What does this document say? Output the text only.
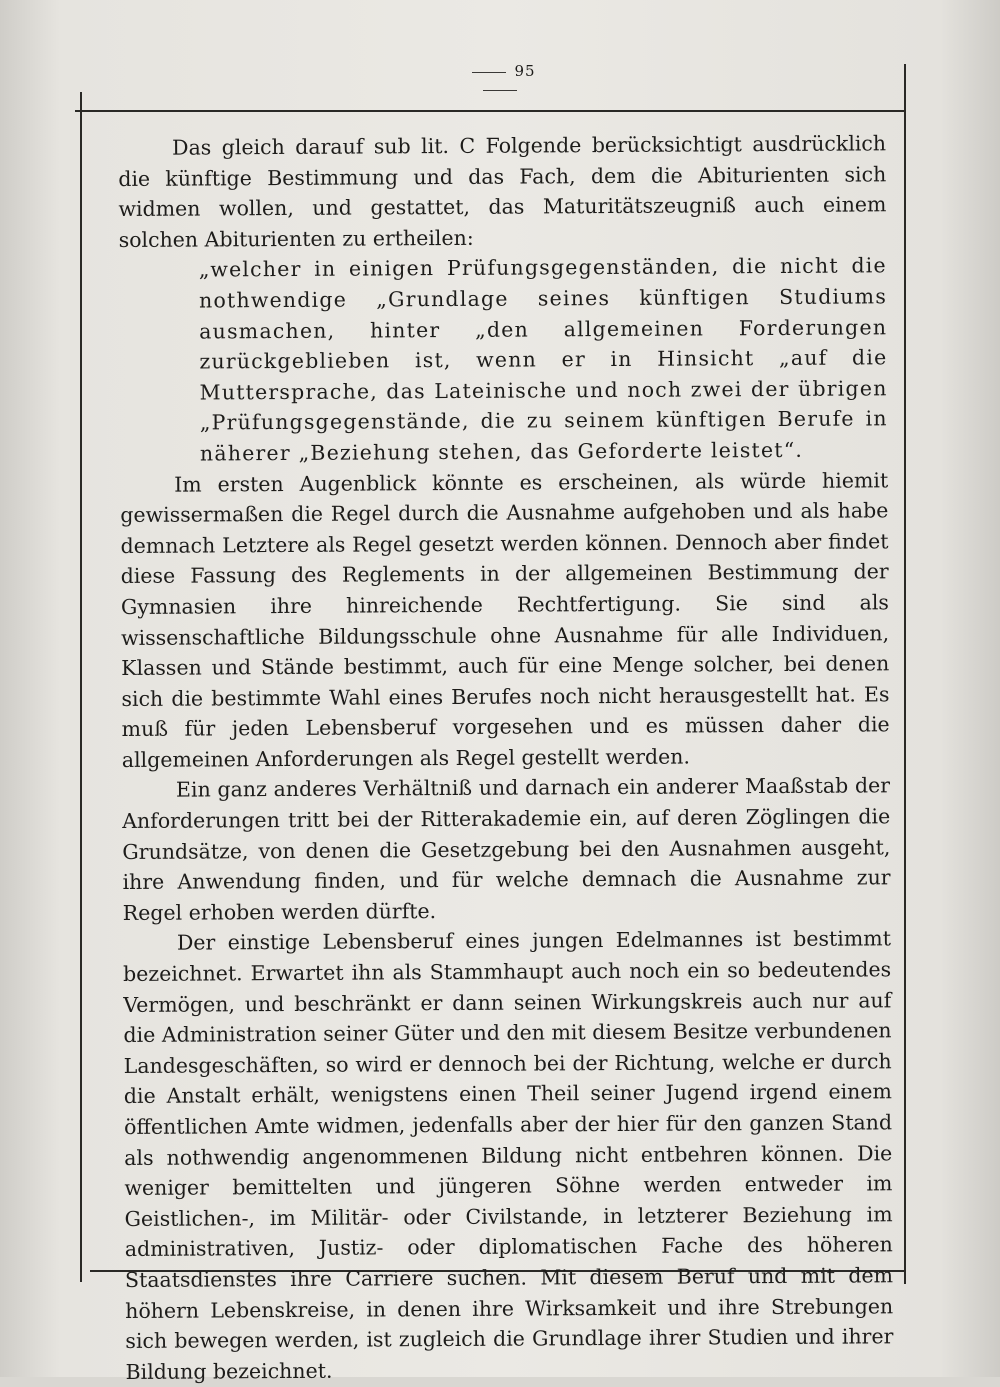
95

Das gleich darauf sub lit. C Folgende berücksichtigt ausdrücklich die künftige Bestimmung und das Fach, dem die Abiturienten sich widmen wollen, und gestattet, das Maturitätszeugniß auch einem solchen Abiturienten zu ertheilen:

„welcher in einigen Prüfungsgegenständen, die nicht die nothwendige „Grundlage seines künftigen Studiums ausmachen, hinter „den allgemeinen Forderungen zurückgeblieben ist, wenn er in Hinsicht „auf die Muttersprache, das Lateinische und noch zwei der übrigen „Prüfungsgegenstände, die zu seinem künftigen Berufe in näherer „Beziehung stehen, das Geforderte leistet“.

Im ersten Augenblick könnte es erscheinen, als würde hiemit gewissermaßen die Regel durch die Ausnahme aufgehoben und als habe demnach Letztere als Regel gesetzt werden können. Dennoch aber findet diese Fassung des Reglements in der allgemeinen Bestimmung der Gymnasien ihre hinreichende Rechtfertigung. Sie sind als wissenschaftliche Bildungsschule ohne Ausnahme für alle Individuen, Klassen und Stände bestimmt, auch für eine Menge solcher, bei denen sich die bestimmte Wahl eines Berufes noch nicht herausgestellt hat. Es muß für jeden Lebensberuf vorgesehen und es müssen daher die allgemeinen Anforderungen als Regel gestellt werden.

Ein ganz anderes Verhältniß und darnach ein anderer Maaßstab der Anforderungen tritt bei der Ritterakademie ein, auf deren Zöglingen die Grundsätze, von denen die Gesetzgebung bei den Ausnahmen ausgeht, ihre Anwendung finden, und für welche demnach die Ausnahme zur Regel erhoben werden dürfte.

Der einstige Lebensberuf eines jungen Edelmannes ist bestimmt bezeichnet. Erwartet ihn als Stammhaupt auch noch ein so bedeutendes Vermögen, und beschränkt er dann seinen Wirkungskreis auch nur auf die Administration seiner Güter und den mit diesem Besitze verbundenen Landesgeschäften, so wird er dennoch bei der Richtung, welche er durch die Anstalt erhält, wenigstens einen Theil seiner Jugend irgend einem öffentlichen Amte widmen, jedenfalls aber der hier für den ganzen Stand als nothwendig angenommenen Bildung nicht entbehren können. Die weniger bemittelten und jüngeren Söhne werden entweder im Geistlichen-, im Militär- oder Civilstande, in letzterer Beziehung im administrativen, Justiz- oder diplomatischen Fache des höheren Staatsdienstes ihre Carriere suchen. Mit diesem Beruf und mit dem höhern Lebenskreise, in denen ihre Wirksamkeit und ihre Strebungen sich bewegen werden, ist zugleich die Grundlage ihrer Studien und ihrer Bildung bezeichnet.
